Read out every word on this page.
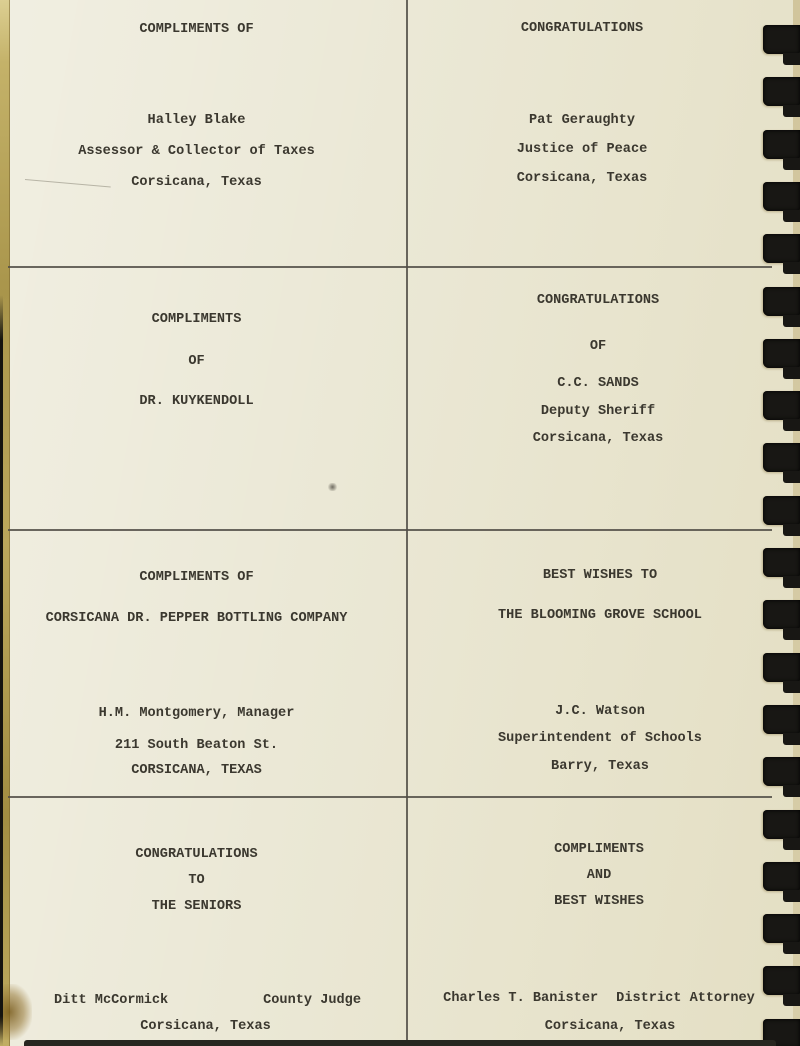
COMPLIMENTS OF
Halley Blake
Assessor & Collector of Taxes
Corsicana, Texas
CONGRATULATIONS
Pat Geraughty
Justice of Peace
Corsicana, Texas
COMPLIMENTS
OF
DR. KUYKENDOLL
CONGRATULATIONS
OF
C.C. SANDS
Deputy Sheriff
Corsicana, Texas
COMPLIMENTS OF
CORSICANA DR. PEPPER BOTTLING COMPANY
H.M. Montgomery, Manager
211 South Beaton St.
CORSICANA, TEXAS
BEST WISHES TO
THE BLOOMING GROVE SCHOOL
J.C. Watson
Superintendent of Schools
Barry, Texas
CONGRATULATIONS
TO
THE SENIORS
Ditt McCormick	County Judge
Corsicana, Texas
COMPLIMENTS
AND
BEST WISHES
Charles T. Banister District Attorney
Corsicana, Texas
